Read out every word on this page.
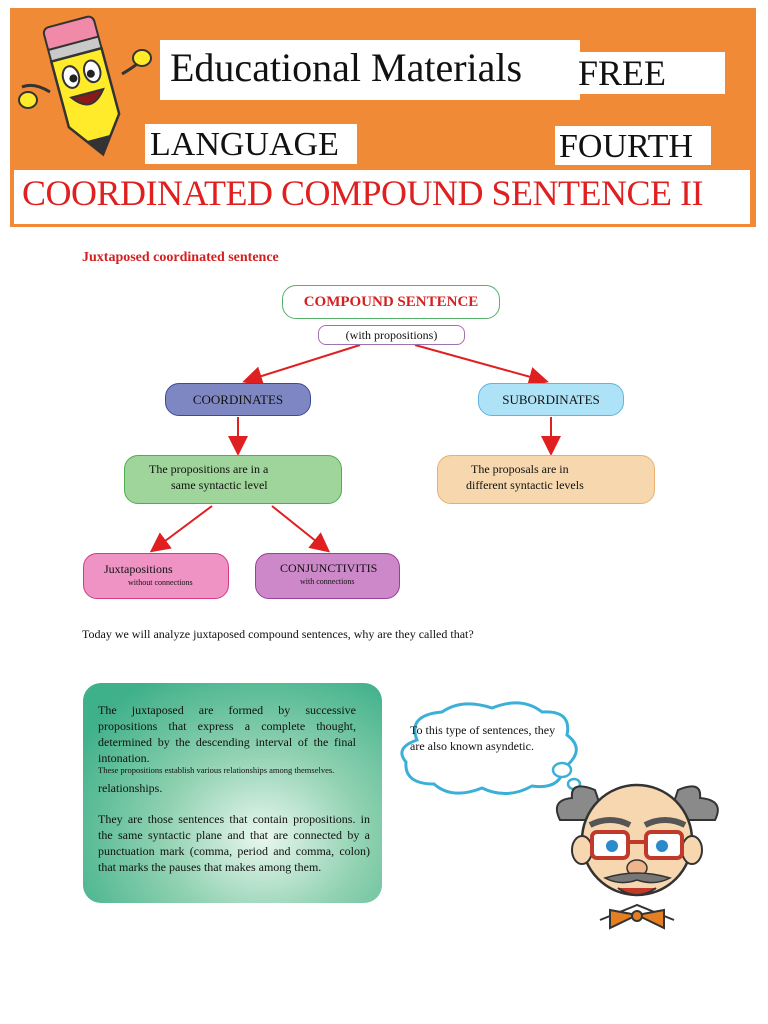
Educational Materials FREE
LANGUAGE	FOURTH
COORDINATED COMPOUND SENTENCE II
Juxtaposed coordinated sentence
COMPOUND SENTENCE
(with propositions)
COORDINATES	SUBORDINATES
The propositions are in a
same syntactic level
The proposals are in
different syntactic levels
Juxtapositions
without connections
CONJUNCTIVITIS
with connections
Today we will analyze juxtaposed compound sentences, why are they called that?
The juxtaposed are formed by successive propositions that express a complete thought, determined by the descending interval of the final intonation.
These propositions establish various relationships among themselves.
relationships.
They are those sentences that contain propositions. in the same syntactic plane and that are connected by a punctuation mark (comma, period and comma, colon) that marks the pauses that makes among them.
To this type of sentences, they are also known asyndetic.
